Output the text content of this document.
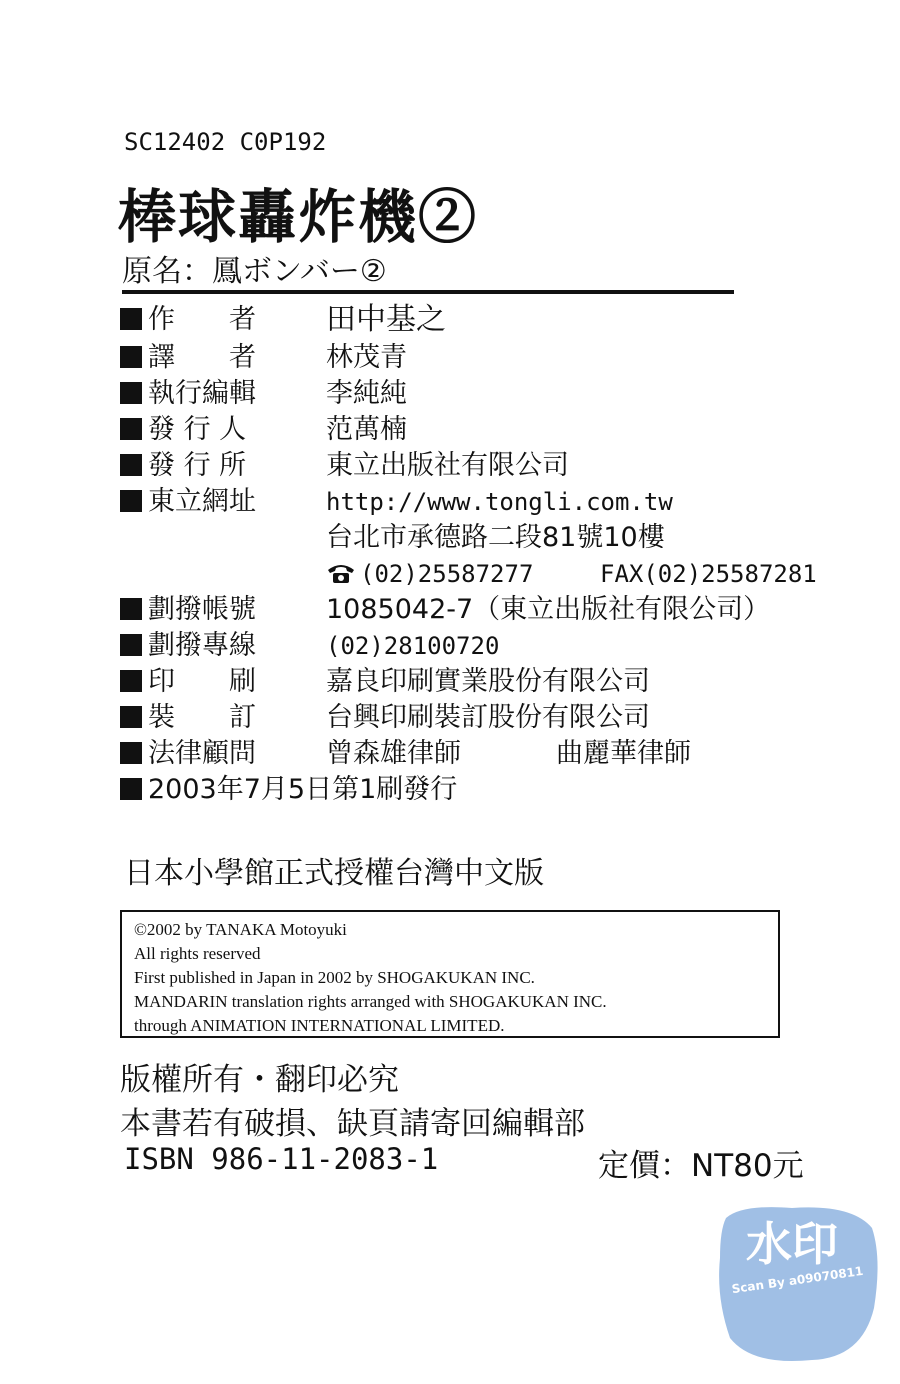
SC12402 C0P192
棒球轟炸機②
原名：鳳ボンバー②
作　　者	田中基之
譯　　者	林茂青
執行編輯	李純純
發 行 人	范萬楠
發 行 所	東立出版社有限公司
東立網址	http://www.tongli.com.tw
台北市承德路二段81號10樓
(02)25587277	FAX(02)25587281
劃撥帳號	1085042-7（東立出版社有限公司）
劃撥專線	(02)28100720
印　　刷	嘉良印刷實業股份有限公司
裝　　訂	台興印刷裝訂股份有限公司
法律顧問	曾森雄律師	曲麗華律師
2003年7月5日第1刷發行
日本小學館正式授權台灣中文版
©2002 by TANAKA Motoyuki
All rights reserved
First published in Japan in 2002 by SHOGAKUKAN INC.
MANDARIN translation rights arranged with SHOGAKUKAN INC.
through ANIMATION INTERNATIONAL LIMITED.
版權所有・翻印必究
本書若有破損、缺頁請寄回編輯部
ISBN 986-11-2083-1	定價：NT80元
水印
Scan By a09070811
